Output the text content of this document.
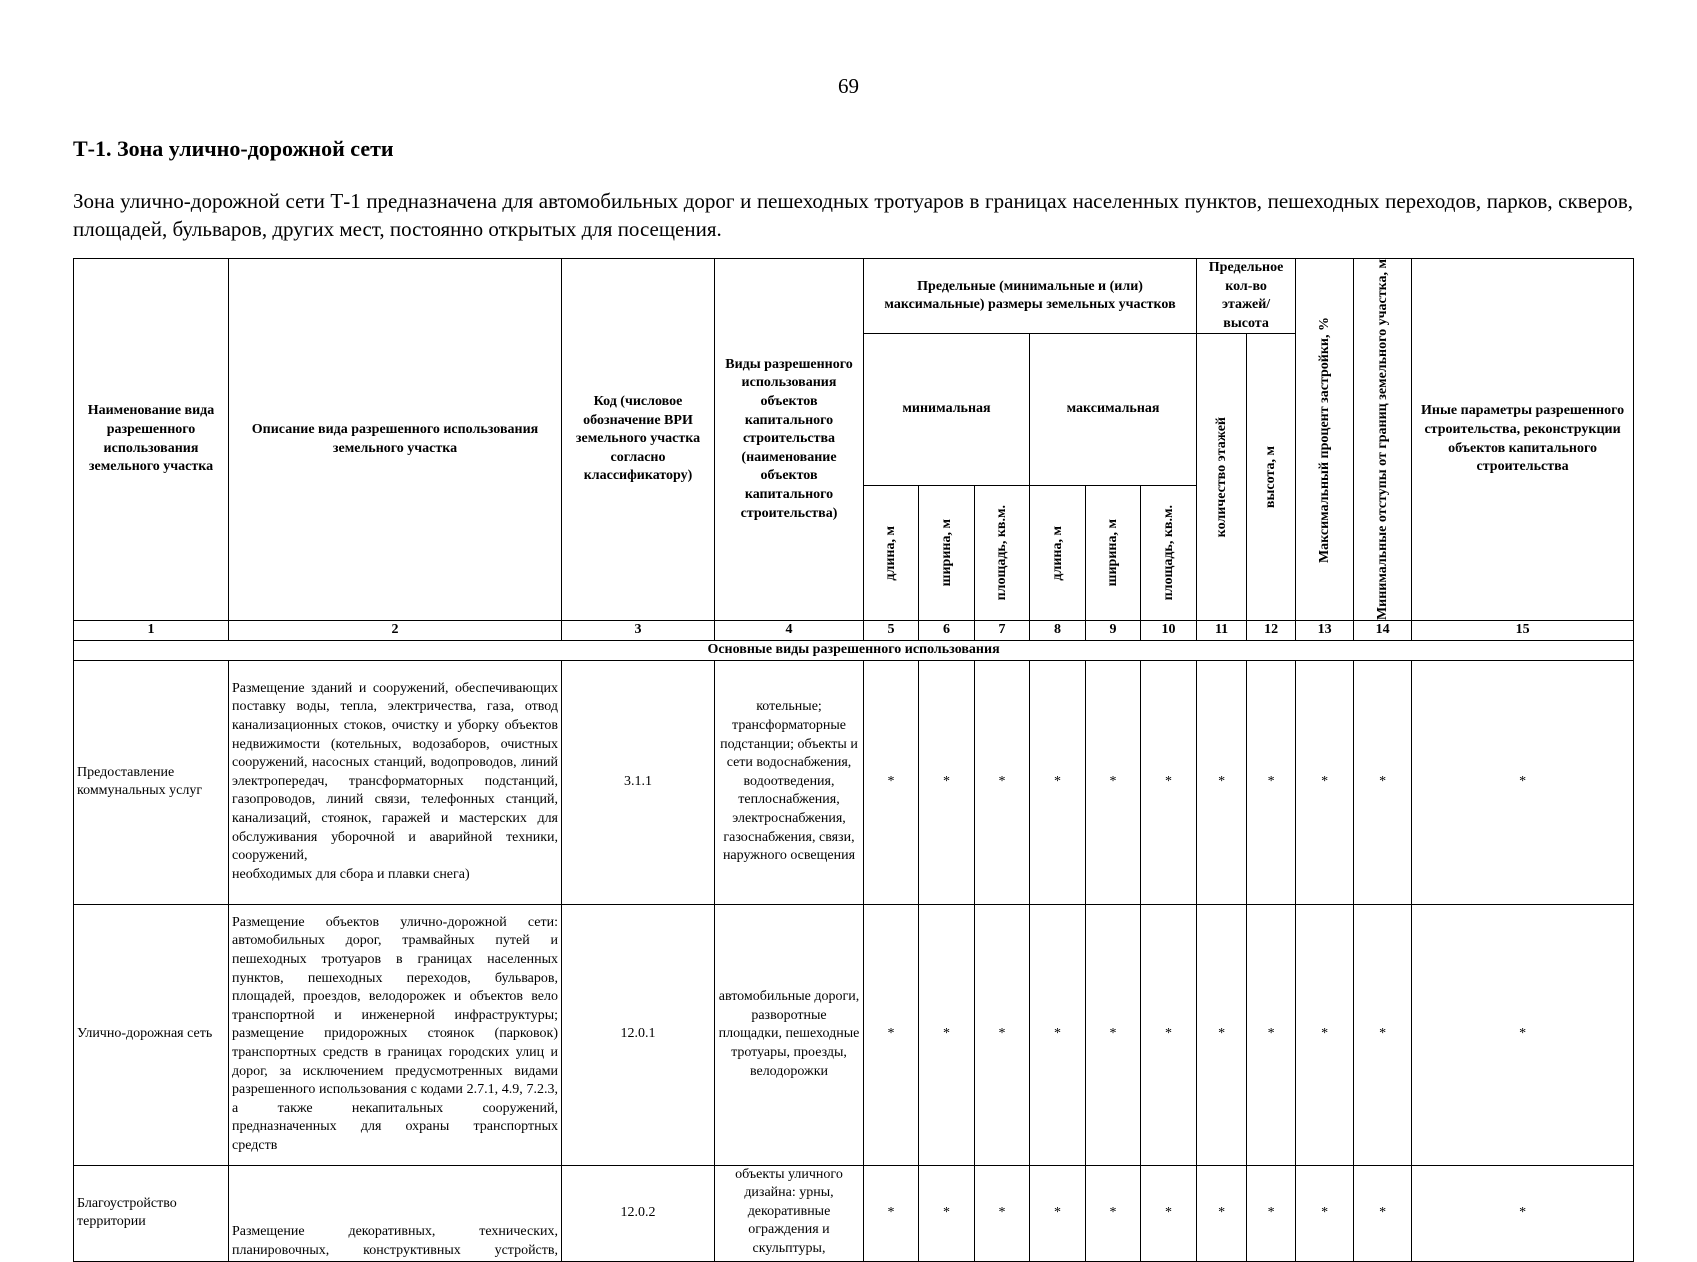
69
Т-1. Зона улично-дорожной сети
Зона улично-дорожной сети Т-1 предназначена для автомобильных дорог и пешеходных тротуаров в границах населенных пунктов, пешеходных переходов, парков, скверов, площадей, бульваров, других мест, постоянно открытых для посещения.
Наименование вида разрешенного использования земельного участка	Описание вида разрешенного использования земельного участка	Код (числовое обозначение ВРИ земельного участка согласно классификатору)	Виды разрешенного использования объектов капитального строительства (наименование объектов капитального строительства)	Предельные (минимальные и (или) максимальные) размеры земельных участков						Предельное кол-во этажей/ высота		Максимальный процент застройки, %	Минимальные отступы от границ земельного участка, м	Иные параметры разрешенного строительства, реконструкции объектов капитального строительства
				минимальная			максимальная			количество этажей	высота, м			

				длина, м	ширина, м	площадь, кв.м.	длина, м	ширина, м	площадь, кв.м.					

1	2	3	4	5	6	7	8	9	10	11	12	13	14	15
Основные виды разрешенного использования														
Предоставление коммунальных услуг	Размещение зданий и сооружений, обеспечивающих поставку воды, тепла, электричества, газа, отвод канализационных стоков, очистку и уборку объектов недвижимости (котельных, водозаборов, очистных сооружений, насосных станций, водопроводов, линий электропередач, трансформаторных подстанций, газопроводов, линий связи, телефонных станций, канализаций, стоянок, гаражей и мастерских для обслуживания уборочной и аварийной техники, сооружений,
необходимых для сбора и плавки снега)	3.1.1	котельные; трансформаторные подстанции; объекты и сети водоснабжения, водоотведения, теплоснабжения, электроснабжения, газоснабжения, связи, наружного освещения	*	*	*	*	*	*	*	*	*	*	*
Улично-дорожная сеть	Размещение объектов улично-дорожной сети: автомобильных дорог, трамвайных путей и пешеходных тротуаров в границах населенных пунктов, пешеходных переходов, бульваров, площадей, проездов, велодорожек и объектов вело транспортной и инженерной инфраструктуры; размещение придорожных стоянок (парковок) транспортных средств в границах городских улиц и дорог, за исключением предусмотренных видами разрешенного использования с кодами 2.7.1, 4.9, 7.2.3, а также некапитальных сооружений, предназначенных для охраны транспортных
средств	12.0.1	автомобильные дороги, разворотные площадки, пешеходные тротуары, проезды, велодорожки	*	*	*	*	*	*	*	*	*	*	*
Благоустройство территории	Размещение декоративных, технических, планировочных, конструктивных устройств,	12.0.2	объекты уличного дизайна: урны, декоративные ограждения и скульптуры,	*	*	*	*	*	*	*	*	*	*	*
